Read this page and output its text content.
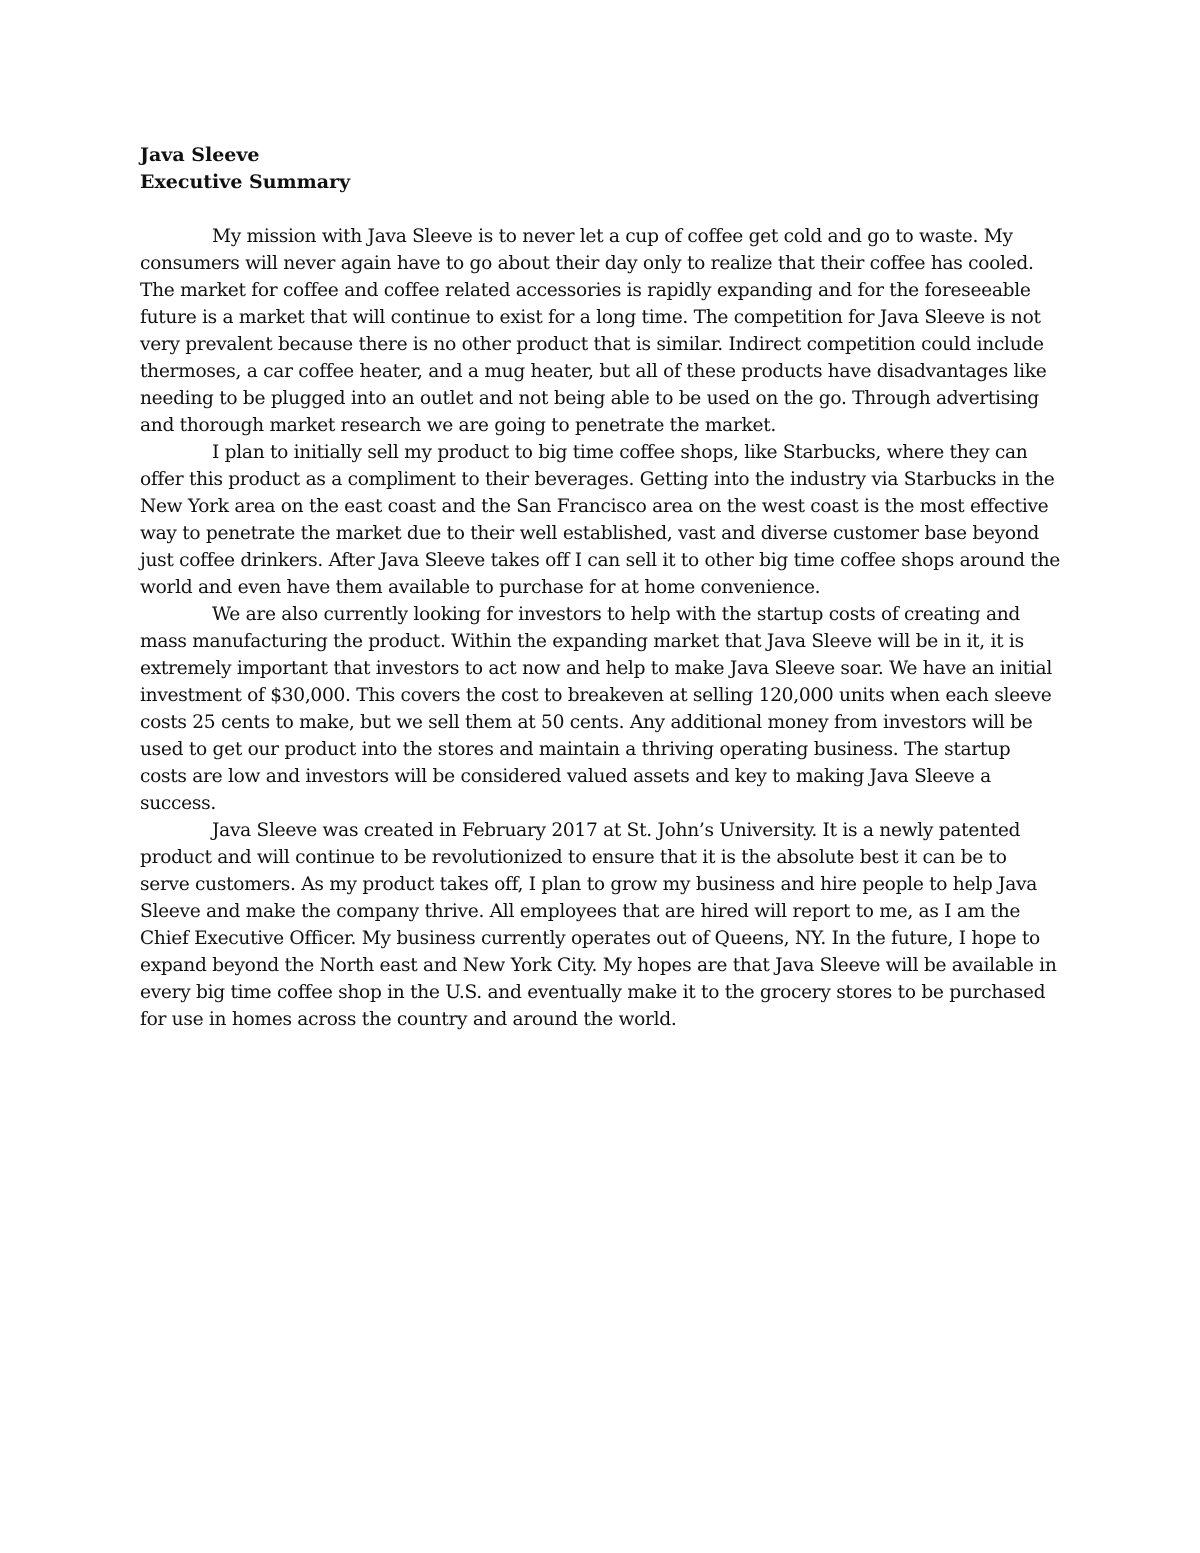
Java Sleeve

Executive Summary

My mission with Java Sleeve is to never let a cup of coffee get cold and go to waste. My consumers will never again have to go about their day only to realize that their coffee has cooled. The market for coffee and coffee related accessories is rapidly expanding and for the foreseeable future is a market that will continue to exist for a long time. The competition for Java Sleeve is not very prevalent because there is no other product that is similar. Indirect competition could include thermoses, a car coffee heater, and a mug heater, but all of these products have disadvantages like needing to be plugged into an outlet and not being able to be used on the go. Through advertising and thorough market research we are going to penetrate the market.

I plan to initially sell my product to big time coffee shops, like Starbucks, where they can offer this product as a compliment to their beverages. Getting into the industry via Starbucks in the New York area on the east coast and the San Francisco area on the west coast is the most effective way to penetrate the market due to their well established, vast and diverse customer base beyond just coffee drinkers. After Java Sleeve takes off I can sell it to other big time coffee shops around the world and even have them available to purchase for at home convenience.

We are also currently looking for investors to help with the startup costs of creating and mass manufacturing the product. Within the expanding market that Java Sleeve will be in it, it is extremely important that investors to act now and help to make Java Sleeve soar. We have an initial investment of $30,000. This covers the cost to breakeven at selling 120,000 units when each sleeve costs 25 cents to make, but we sell them at 50 cents. Any additional money from investors will be used to get our product into the stores and maintain a thriving operating business. The startup costs are low and investors will be considered valued assets and key to making Java Sleeve a success.

Java Sleeve was created in February 2017 at St. John’s University. It is a newly patented product and will continue to be revolutionized to ensure that it is the absolute best it can be to serve customers. As my product takes off, I plan to grow my business and hire people to help Java Sleeve and make the company thrive. All employees that are hired will report to me, as I am the Chief Executive Officer. My business currently operates out of Queens, NY. In the future, I hope to expand beyond the North east and New York City. My hopes are that Java Sleeve will be available in every big time coffee shop in the U.S. and eventually make it to the grocery stores to be purchased for use in homes across the country and around the world.
